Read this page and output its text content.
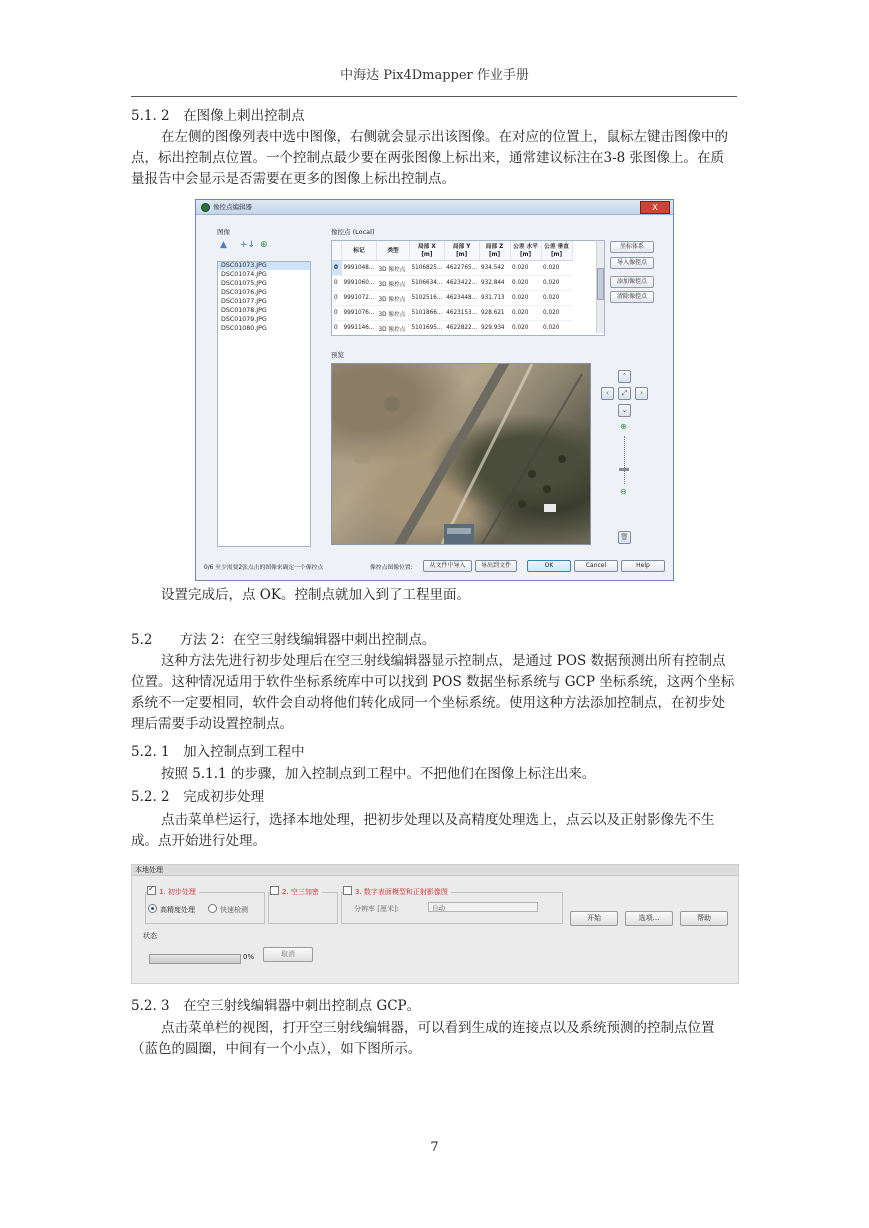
中海达 Pix4Dmapper 作业手册
5.1. 2　在图像上刺出控制点
在左侧的图像列表中选中图像，右侧就会显示出该图像。在对应的位置上，鼠标左键击图像中的点，标出控制点位置。一个控制点最少要在两张图像上标出来，通常建议标注在3-8 张图像上。在质量报告中会显示是否需要在更多的图像上标出控制点。
像控点编辑器	X
图像
▲ +↓ ⊕
DSC01073.JPG
DSC01074.JPG
DSC01075.JPG
DSC01076.JPG
DSC01077.JPG
DSC01078.JPG
DSC01079.JPG
DSC01080.JPG
像控点 (Local)
	标记	类型	局部 X [m]	局部 Y [m]	局部 Z [m]	公差 水平[m]	公差 垂直[m]
0	9991048...	3D 像控点	5106825...	4622765...	934.542	0.020	0.020
0	9991060...	3D 像控点	5106634...	4623422...	932.844	0.020	0.020
0	9991072...	3D 像控点	5102516...	4623448...	931.713	0.020	0.020
0	9991076...	3D 像控点	5101866...	4623153...	928.621	0.020	0.020
0	9991146...	3D 像控点	5101695...	4622822...	929.934	0.020	0.020
坐标体系
导入像控点
添加像控点
清除像控点
预览
⌃
‹	⤢	›
⌄
⊕
⊖
🗑
0/6 至少需要2张点击的图像来确定一个像控点	像控点图像位置:	从文件中导入	导出到文件	OK	Cancel	Help
设置完成后，点 OK。控制点就加入到了工程里面。
5.2　　方法 2：在空三射线编辑器中刺出控制点。
这种方法先进行初步处理后在空三射线编辑器显示控制点，是通过 POS 数据预测出所有控制点位置。这种情况适用于软件坐标系统库中可以找到 POS 数据坐标系统与 GCP 坐标系统，这两个坐标系统不一定要相同，软件会自动将他们转化成同一个坐标系统。使用这种方法添加控制点，在初步处理后需要手动设置控制点。
5.2. 1　加入控制点到工程中
按照 5.1.1 的步骤，加入控制点到工程中。不把他们在图像上标注出来。
5.2. 2　完成初步处理
点击菜单栏运行，选择本地处理，把初步处理以及高精度处理选上，点云以及正射影像先不生成。点开始进行处理。
本地处理
✓1. 初步处理
高精度处理	快速检测
2. 空三加密	3. 数字表面模型和正射影像图
分辨率 [厘米]:	自动
开始	选项...	帮助
状态
0%	取消
5.2. 3　在空三射线编辑器中刺出控制点 GCP。
点击菜单栏的视图，打开空三射线编辑器，可以看到生成的连接点以及系统预测的控制点位置（蓝色的圆圈，中间有一个小点），如下图所示。
7
